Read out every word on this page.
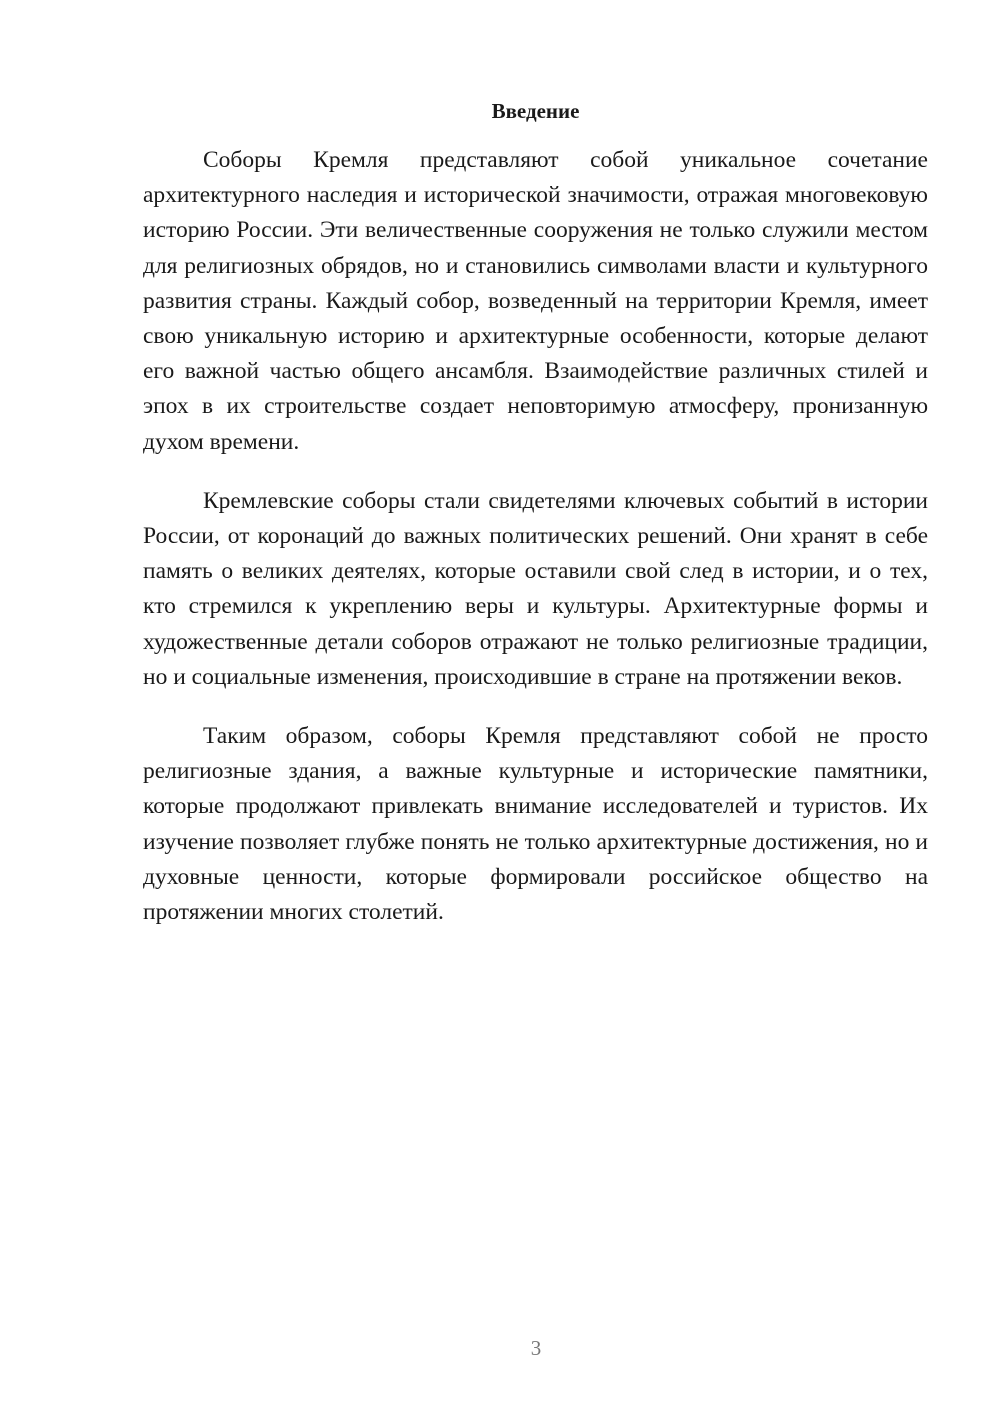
Введение

Соборы Кремля представляют собой уникальное сочетание архитектурного наследия и исторической значимости, отражая многовековую историю России. Эти величественные сооружения не только служили местом для религиозных обрядов, но и становились символами власти и культурного развития страны. Каждый собор, возведенный на территории Кремля, имеет свою уникальную историю и архитектурные особенности, которые делают его важной частью общего ансамбля. Взаимодействие различных стилей и эпох в их строительстве создает неповторимую атмосферу, пронизанную духом времени.

Кремлевские соборы стали свидетелями ключевых событий в истории России, от коронаций до важных политических решений. Они хранят в себе память о великих деятелях, которые оставили свой след в истории, и о тех, кто стремился к укреплению веры и культуры. Архитектурные формы и художественные детали соборов отражают не только религиозные традиции, но и социальные изменения, происходившие в стране на протяжении веков.

Таким образом, соборы Кремля представляют собой не просто религиозные здания, а важные культурные и исторические памятники, которые продолжают привлекать внимание исследователей и туристов. Их изучение позволяет глубже понять не только архитектурные достижения, но и духовные ценности, которые формировали российское общество на протяжении многих столетий.

3
